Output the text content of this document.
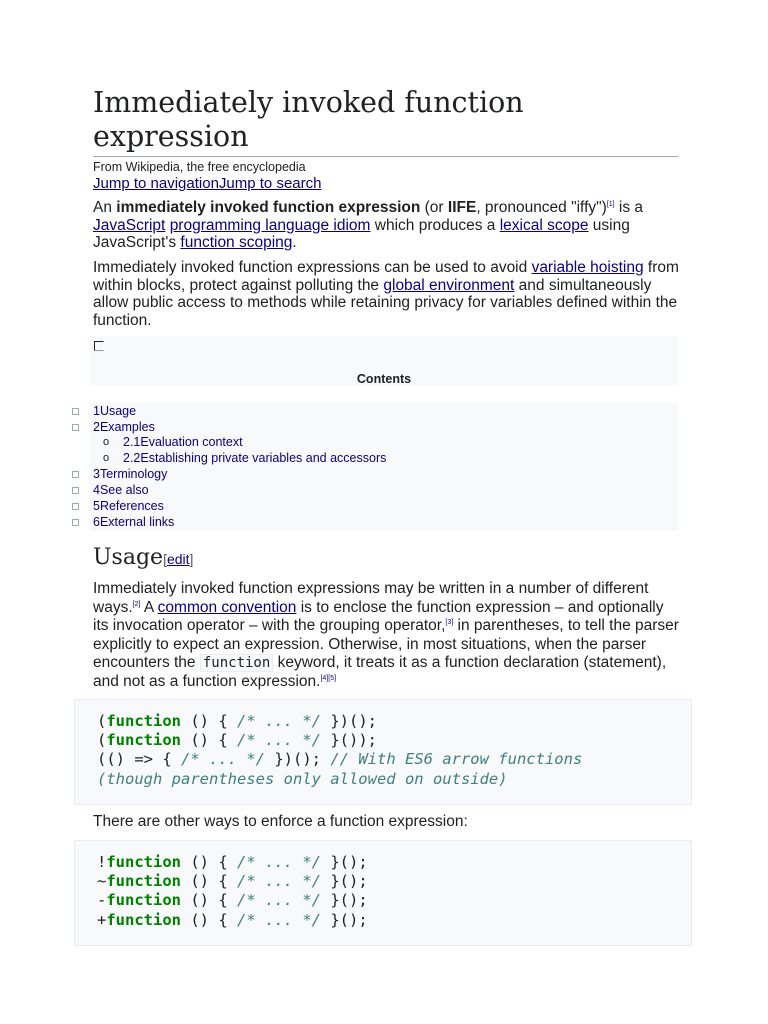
Immediately invoked function expression
From Wikipedia, the free encyclopedia
Jump to navigationJump to search

An immediately invoked function expression (or IIFE, pronounced "iffy")[1] is a JavaScript programming language idiom which produces a lexical scope using JavaScript's function scoping.

Immediately invoked function expressions can be used to avoid variable hoisting from within blocks, protect against polluting the global environment and simultaneously allow public access to methods while retaining privacy for variables defined within the function.

Contents
1Usage
2Examples
2.1Evaluation context
2.2Establishing private variables and accessors
3Terminology
4See also
5References
6External links
o
o
Usage[edit]

Immediately invoked function expressions may be written in a number of different ways.[2] A common convention is to enclose the function expression – and optionally its invocation operator – with the grouping operator,[3] in parentheses, to tell the parser explicitly to expect an expression. Otherwise, in most situations, when the parser encounters the function keyword, it treats it as a function declaration (statement), and not as a function expression.[4][5]

(function () { /* ... */ })();
(function () { /* ... */ }());
(() => { /* ... */ })(); // With ES6 arrow functions
(though parentheses only allowed on outside)

There are other ways to enforce a function expression:

!function () { /* ... */ }();
~function () { /* ... */ }();
-function () { /* ... */ }();
+function () { /* ... */ }();
